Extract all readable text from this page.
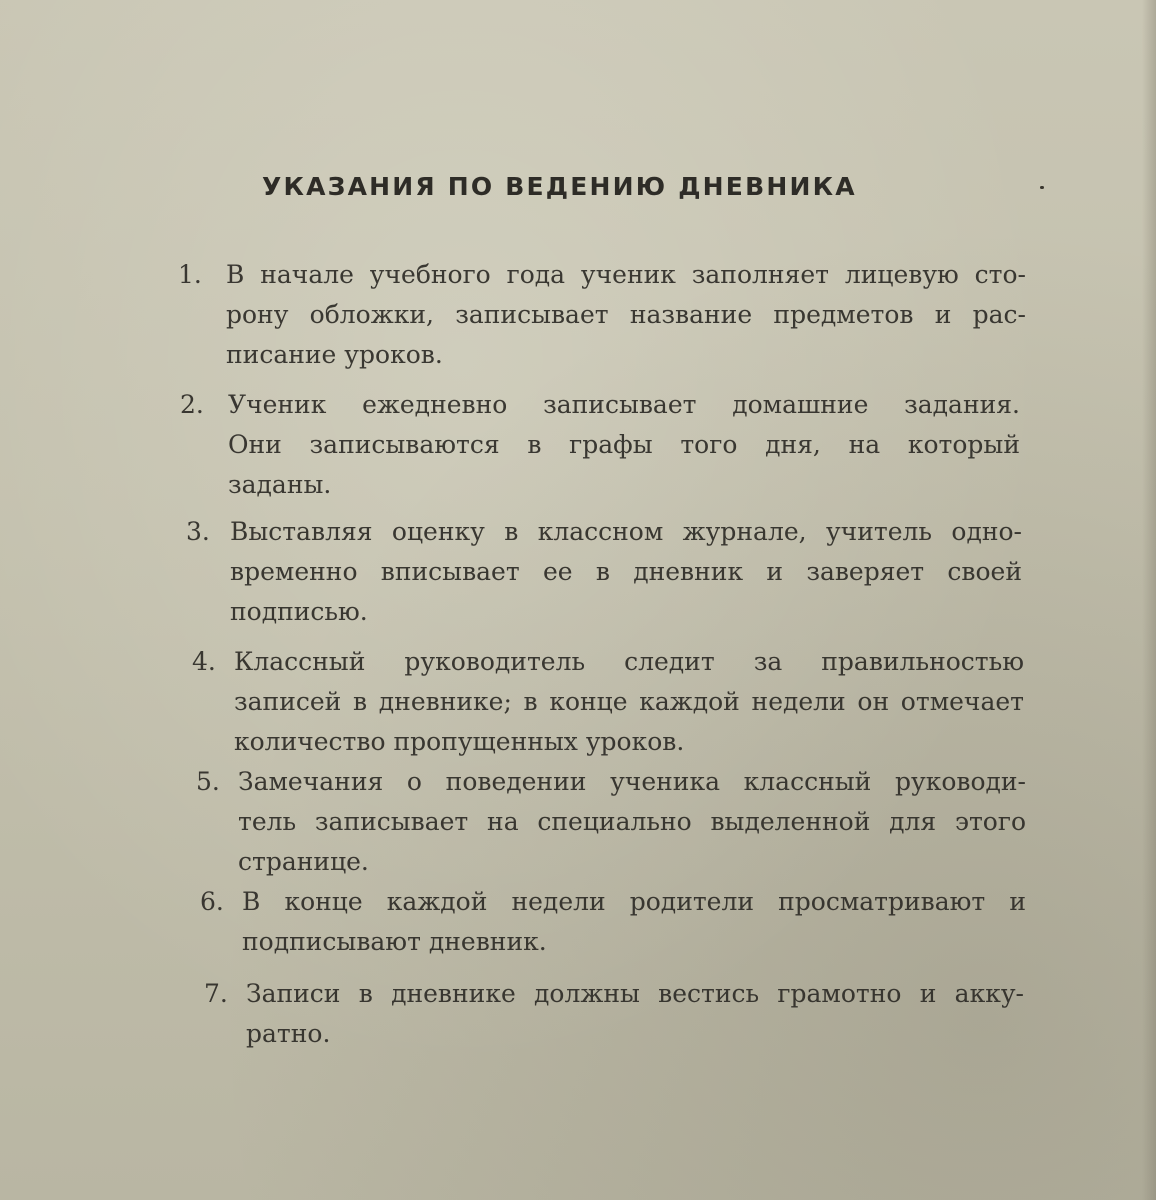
УКАЗАНИЯ ПО ВЕДЕНИЮ ДНЕВНИКА
1. В начале учебного года ученик заполняет лицевую сто-
рону обложки, записывает название предметов и рас-
писание уроков.
2. Ученик ежедневно записывает домашние задания.
Они записываются в графы того дня, на который
заданы.
3. Выставляя оценку в классном журнале, учитель одно-
временно вписывает ее в дневник и заверяет своей
подписью.
4. Классный руководитель следит за правильностью
записей в дневнике; в конце каждой недели он отмечает
количество пропущенных уроков.
5. Замечания о поведении ученика классный руководи-
тель записывает на специально выделенной для этого
странице.
6. В конце каждой недели родители просматривают и
подписывают дневник.
7. Записи в дневнике должны вестись грамотно и акку-
ратно.
